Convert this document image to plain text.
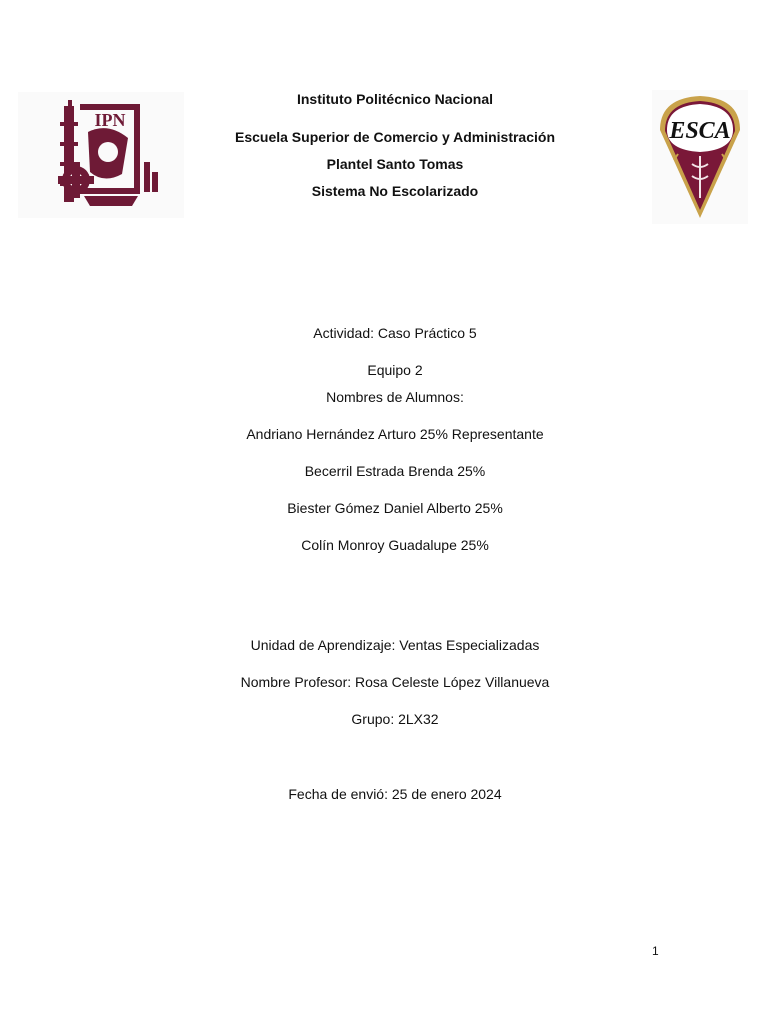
IPN	ESCA

Instituto Politécnico Nacional

Escuela Superior de Comercio y Administración

Plantel Santo Tomas

Sistema No Escolarizado

Actividad: Caso Práctico 5

Equipo 2

Nombres de Alumnos:

Andriano Hernández Arturo 25% Representante

Becerril Estrada Brenda 25%

Biester Gómez Daniel Alberto 25%

Colín Monroy Guadalupe 25%

Unidad de Aprendizaje: Ventas Especializadas

Nombre Profesor: Rosa Celeste López Villanueva

Grupo: 2LX32

Fecha de envió: 25 de enero 2024

1
